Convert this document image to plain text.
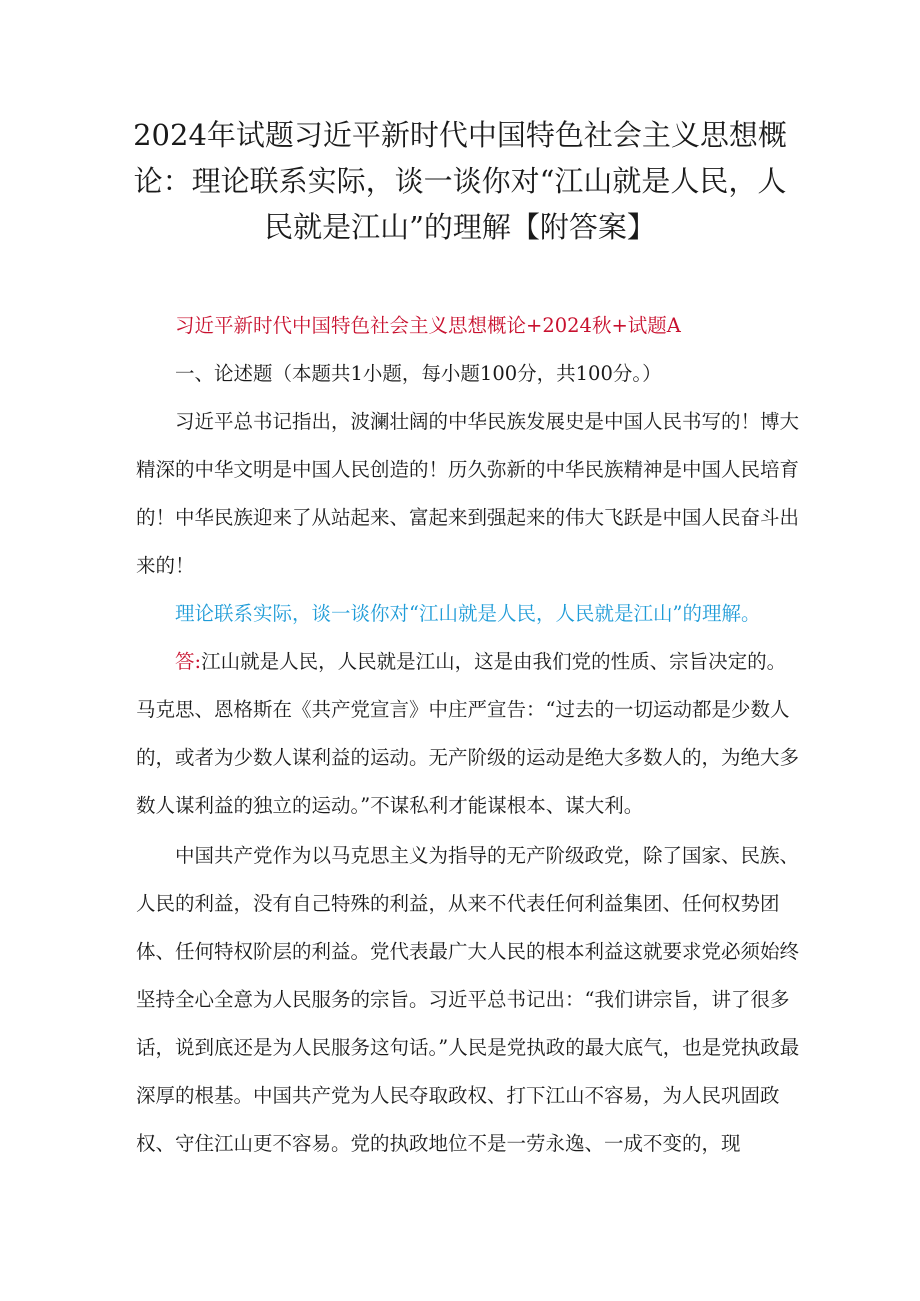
2024年试题习近平新时代中国特色社会主义思想概
论：理论联系实际，谈一谈你对“江山就是人民，人
民就是江山”的理解【附答案】

习近平新时代中国特色社会主义思想概论+2024秋+试题A

一、论述题（本题共1小题，每小题100分，共100分。）

习近平总书记指出，波澜壮阔的中华民族发展史是中国人民书写的！博大精深的中华文明是中国人民创造的！历久弥新的中华民族精神是中国人民培育的！中华民族迎来了从站起来、富起来到强起来的伟大飞跃是中国人民奋斗出来的！

理论联系实际，谈一谈你对“江山就是人民，人民就是江山”的理解。

答:江山就是人民，人民就是江山，这是由我们党的性质、宗旨决定的。马克思、恩格斯在《共产党宣言》中庄严宣告：“过去的一切运动都是少数人的，或者为少数人谋利益的运动。无产阶级的运动是绝大多数人的，为绝大多数人谋利益的独立的运动。”不谋私利才能谋根本、谋大利。

中国共产党作为以马克思主义为指导的无产阶级政党，除了国家、民族、人民的利益，没有自己特殊的利益，从来不代表任何利益集团、任何权势团体、任何特权阶层的利益。党代表最广大人民的根本利益这就要求党必须始终坚持全心全意为人民服务的宗旨。习近平总书记出：“我们讲宗旨，讲了很多话，说到底还是为人民服务这句话。”人民是党执政的最大底气，也是党执政最深厚的根基。中国共产党为人民夺取政权、打下江山不容易，为人民巩固政权、守住江山更不容易。党的执政地位不是一劳永逸、一成不变的，现
